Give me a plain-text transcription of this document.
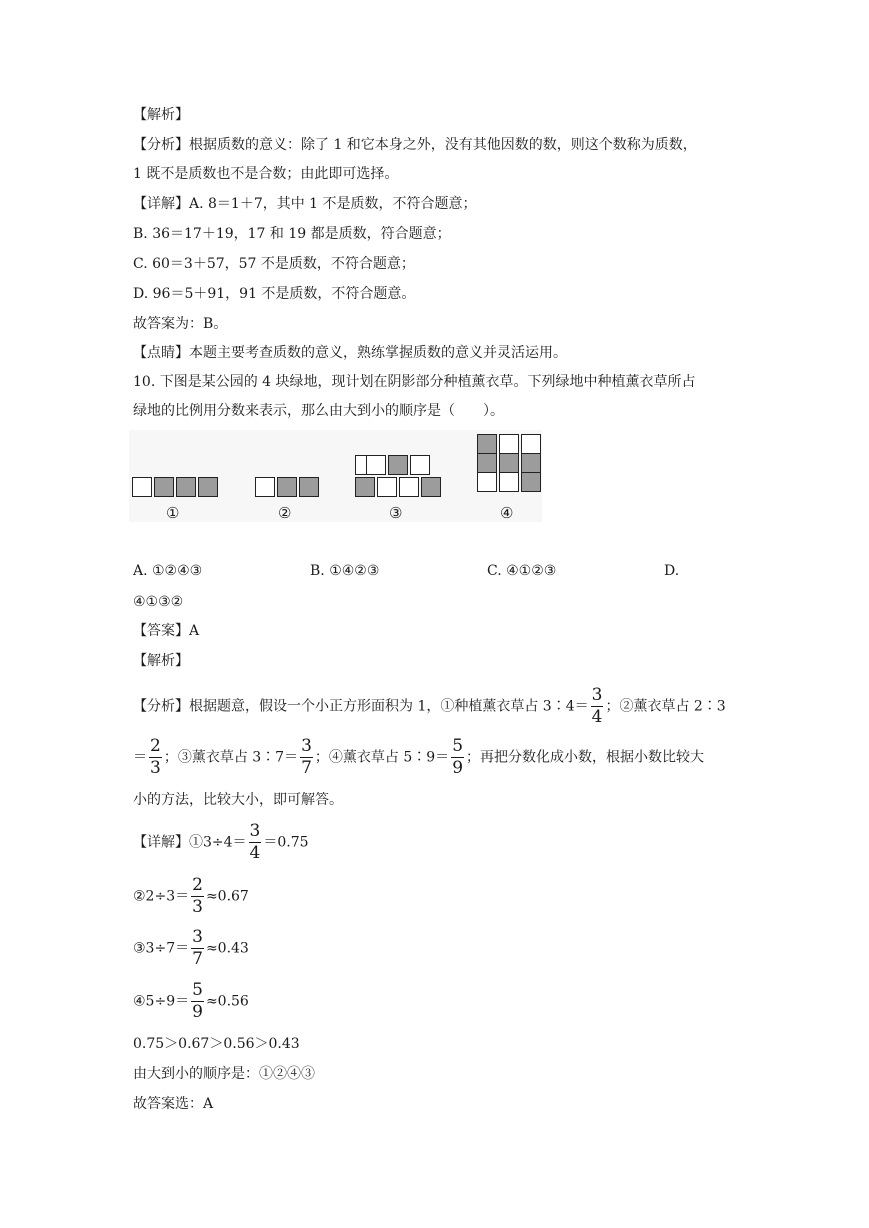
【解析】
【分析】根据质数的意义：除了 1 和它本身之外，没有其他因数的数，则这个数称为质数，
1 既不是质数也不是合数；由此即可选择。
【详解】A. 8＝1＋7，其中 1 不是质数，不符合题意；
B. 36＝17＋19，17 和 19 都是质数，符合题意；
C. 60＝3＋57，57 不是质数，不符合题意；
D. 96＝5＋91，91 不是质数，不符合题意。
故答案为：B。
【点睛】本题主要考查质数的意义，熟练掌握质数的意义并灵活运用。
10. 下图是某公园的 4 块绿地，现计划在阴影部分种植薰衣草。下列绿地中种植薰衣草所占
绿地的比例用分数来表示，那么由大到小的顺序是（　　）。
①	②	③	④
A. ①②④③	B. ①④②③	C. ④①②③	D.
④①③②
【答案】A
【解析】
【分析】根据题意，假设一个小正方形面积为 1，①种植薰衣草占 3∶4＝ $\frac{3}{4}$ ；②薰衣草占 2∶3
＝ $\frac{2}{3}$ ；③薰衣草占 3∶7＝ $\frac{3}{7}$ ；④薰衣草占 5∶9＝ $\frac{5}{9}$ ；再把分数化成小数，根据小数比较大
小的方法，比较大小，即可解答。
【详解】①3÷4＝ $\frac{3}{4} =0.75$
②2÷3＝ $\frac{2}{3} \approx 0.67$
③3÷7＝ $\frac{3}{7} \approx 0.43$
④5÷9＝ $\frac{5}{9} \approx 0.56$
0.75＞0.67＞0.56＞0.43
由大到小的顺序是：①②④③
故答案选：A
